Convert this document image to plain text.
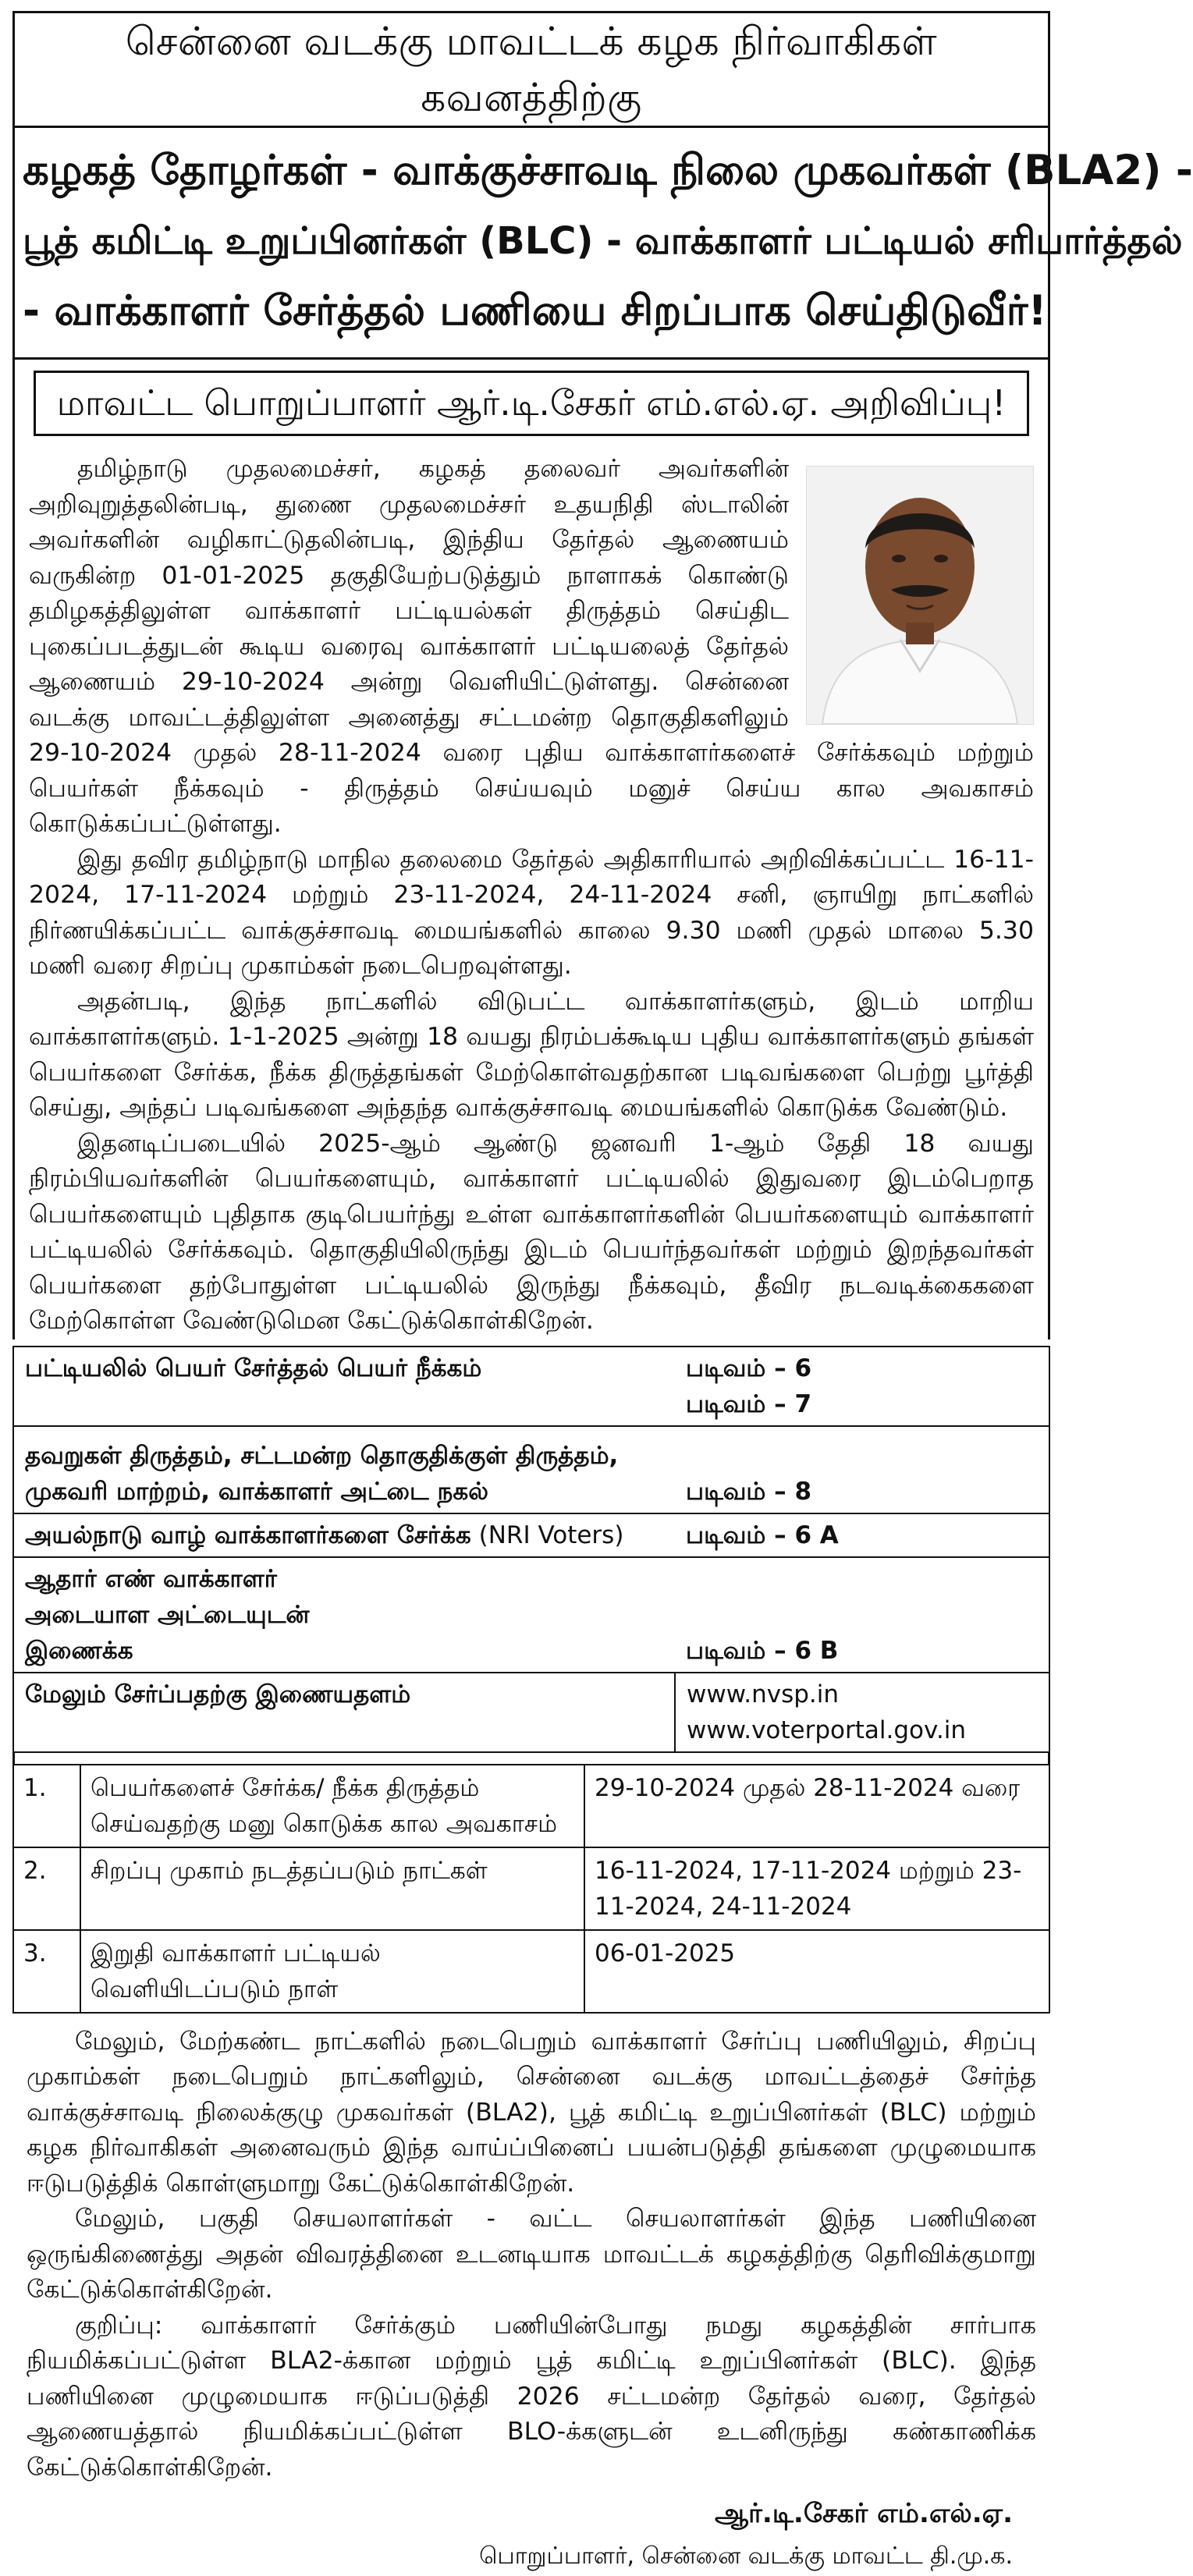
சென்னை வடக்கு மாவட்டக் கழக நிர்வாகிகள் கவனத்திற்கு
கழகத் தோழர்கள் - வாக்குச்சாவடி நிலை முகவர்கள் (BLA2) -
பூத் கமிட்டி உறுப்பினர்கள் (BLC) - வாக்காளர் பட்டியல் சரிபார்த்தல்
- வாக்காளர் சேர்த்தல் பணியை சிறப்பாக செய்திடுவீர்!
மாவட்ட பொறுப்பாளர் ஆர்.டி.சேகர் எம்.எல்.ஏ. அறிவிப்பு!

தமிழ்நாடு முதலமைச்சர், கழகத் தலைவர் அவர்களின் அறிவுறுத்தலின்படி, துணை முதலமைச்சர் உதயநிதி ஸ்டாலின் அவர்களின் வழிகாட்டுதலின்படி, இந்திய தேர்தல் ஆணையம் வருகின்ற 01-01-2025 தகுதியேற்படுத்தும் நாளாகக் கொண்டு தமிழகத்திலுள்ள வாக்காளர் பட்டியல்கள் திருத்தம் செய்திட புகைப்படத்துடன் கூடிய வரைவு வாக்காளர் பட்டியலைத் தேர்தல் ஆணையம் 29-10-2024 அன்று வெளியிட்டுள்ளது. சென்னை வடக்கு மாவட்டத்திலுள்ள அனைத்து சட்டமன்ற தொகுதிகளிலும் 29-10-2024 முதல் 28-11-2024 வரை புதிய வாக்காளர்களைச் சேர்க்கவும் மற்றும் பெயர்கள் நீக்கவும் - திருத்தம் செய்யவும் மனுச் செய்ய கால அவகாசம் கொடுக்கப்பட்டுள்ளது.

இது தவிர தமிழ்நாடு மாநில தலைமை தேர்தல் அதிகாரியால் அறிவிக்கப்பட்ட 16-11-2024, 17-11-2024 மற்றும் 23-11-2024, 24-11-2024 சனி, ஞாயிறு நாட்களில் நிர்ணயிக்கப்பட்ட வாக்குச்சாவடி மையங்களில் காலை 9.30 மணி முதல் மாலை 5.30 மணி வரை சிறப்பு முகாம்கள் நடைபெறவுள்ளது.

அதன்படி, இந்த நாட்களில் விடுபட்ட வாக்காளர்களும், இடம் மாறிய வாக்காளர்களும். 1-1-2025 அன்று 18 வயது நிரம்பக்கூடிய புதிய வாக்காளர்களும் தங்கள் பெயர்களை சேர்க்க, நீக்க திருத்தங்கள் மேற்கொள்வதற்கான படிவங்களை பெற்று பூர்த்தி செய்து, அந்தப் படிவங்களை அந்தந்த வாக்குச்சாவடி மையங்களில் கொடுக்க வேண்டும்.

இதனடிப்படையில் 2025-ஆம் ஆண்டு ஜனவரி 1-ஆம் தேதி 18 வயது நிரம்பியவர்களின் பெயர்களையும், வாக்காளர் பட்டியலில் இதுவரை இடம்பெறாத பெயர்களையும் புதிதாக குடிபெயர்ந்து உள்ள வாக்காளர்களின் பெயர்களையும் வாக்காளர் பட்டியலில் சேர்க்கவும். தொகுதியிலிருந்து இடம் பெயர்ந்தவர்கள் மற்றும் இறந்தவர்கள் பெயர்களை தற்போதுள்ள பட்டியலில் இருந்து நீக்கவும், தீவிர நடவடிக்கைகளை மேற்கொள்ள வேண்டுமென கேட்டுக்கொள்கிறேன்.

பட்டியலில் பெயர் சேர்த்தல் பெயர் நீக்கம்	படிவம் – 6
படிவம் – 7

தவறுகள் திருத்தம், சட்டமன்ற தொகுதிக்குள் திருத்தம், முகவரி மாற்றம், வாக்காளர் அட்டை நகல்	படிவம் – 8
அயல்நாடு வாழ் வாக்காளர்களை சேர்க்க (NRI Voters)	படிவம் – 6 A
ஆதார் எண் வாக்காளர் அடையாள அட்டையுடன் இணைக்க	படிவம் – 6 B
மேலும் சேர்ப்பதற்கு இணையதளம்	www.nvsp.in
www.voterportal.gov.in
1.	பெயர்களைச் சேர்க்க/ நீக்க திருத்தம் செய்வதற்கு மனு கொடுக்க கால அவகாசம்	29-10-2024 முதல் 28-11-2024 வரை
2.	சிறப்பு முகாம் நடத்தப்படும் நாட்கள்	16-11-2024, 17-11-2024 மற்றும் 23-11-2024, 24-11-2024
3.	இறுதி வாக்காளர் பட்டியல் வெளியிடப்படும் நாள்	06-01-2025

மேலும், மேற்கண்ட நாட்களில் நடைபெறும் வாக்காளர் சேர்ப்பு பணியிலும், சிறப்பு முகாம்கள் நடைபெறும் நாட்களிலும், சென்னை வடக்கு மாவட்டத்தைச் சேர்ந்த வாக்குச்சாவடி நிலைக்குழு முகவர்கள் (BLA2), பூத் கமிட்டி உறுப்பினர்கள் (BLC) மற்றும் கழக நிர்வாகிகள் அனைவரும் இந்த வாய்ப்பினைப் பயன்படுத்தி தங்களை முழுமையாக ஈடுபடுத்திக் கொள்ளுமாறு கேட்டுக்கொள்கிறேன்.

மேலும், பகுதி செயலாளர்கள் - வட்ட செயலாளர்கள் இந்த பணியினை ஒருங்கிணைத்து அதன் விவரத்தினை உடனடியாக மாவட்டக் கழகத்திற்கு தெரிவிக்குமாறு கேட்டுக்கொள்கிறேன்.

குறிப்பு: வாக்காளர் சேர்க்கும் பணியின்போது நமது கழகத்தின் சார்பாக நியமிக்கப்பட்டுள்ள BLA2-க்கான மற்றும் பூத் கமிட்டி உறுப்பினர்கள் (BLC). இந்த பணியினை முழுமையாக ஈடுப்படுத்தி 2026 சட்டமன்ற தேர்தல் வரை, தேர்தல் ஆணையத்தால் நியமிக்கப்பட்டுள்ள BLO-க்களுடன் உடனிருந்து கண்காணிக்க கேட்டுக்கொள்கிறேன்.

ஆர்.டி.சேகர் எம்.எல்.ஏ.
பொறுப்பாளர், சென்னை வடக்கு மாவட்ட தி.மு.க.
